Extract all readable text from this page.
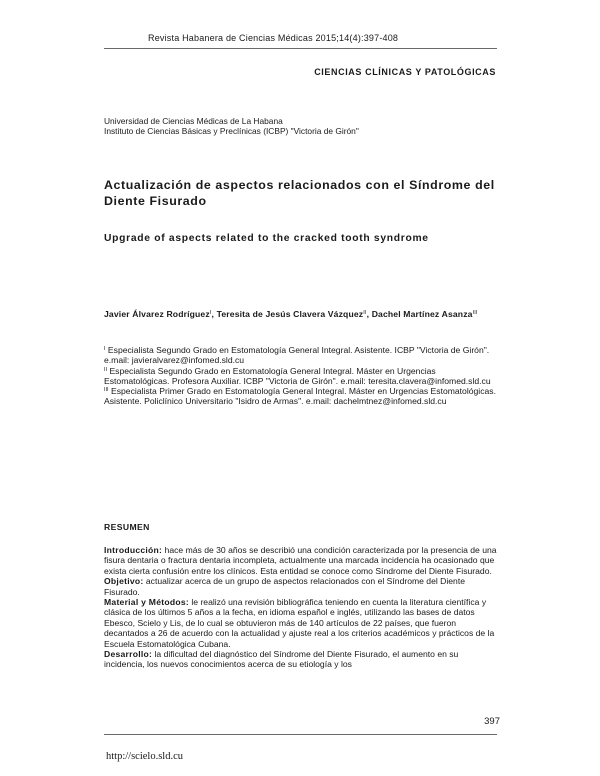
Revista Habanera de Ciencias Médicas 2015;14(4):397-408
CIENCIAS CLÍNICAS Y PATOLÓGICAS
Universidad de Ciencias Médicas de La Habana
Instituto de Ciencias Básicas y Preclínicas (ICBP) "Victoria de Girón"
Actualización de aspectos relacionados con el Síndrome del Diente Fisurado
Upgrade of aspects related to the cracked tooth syndrome
Javier Álvarez Rodríguez$^I$, Teresita de Jesús Clavera Vázquez$^{II}$, Dachel Martínez Asanza$^{III}$
$^I$ Especialista Segundo Grado en Estomatología General Integral. Asistente. ICBP "Victoria de Girón". e.mail: javieralvarez@infomed.sld.cu
$^{II}$ Especialista Segundo Grado en Estomatología General Integral. Máster en Urgencias Estomatológicas. Profesora Auxiliar. ICBP "Victoria de Girón". e.mail: teresita.clavera@infomed.sld.cu
$^{III}$ Especialista Primer Grado en Estomatología General Integral. Máster en Urgencias Estomatológicas. Asistente. Policlínico Universitario "Isidro de Armas". e.mail: dachelmtnez@infomed.sld.cu
RESUMEN
Introducción: hace más de 30 años se describió una condición caracterizada por la presencia de una fisura dentaria o fractura dentaria incompleta, actualmente una marcada incidencia ha ocasionado que exista cierta confusión entre los clínicos. Esta entidad se conoce como Síndrome del Diente Fisurado.
Objetivo: actualizar acerca de un grupo de aspectos relacionados con el Síndrome del Diente Fisurado.
Material y Métodos: le realizó una revisión bibliográfica teniendo en cuenta la literatura científica y clásica de los últimos 5 años a la fecha, en idioma español e inglés, utilizando las bases de datos Ebesco, Scielo y Lis, de lo cual se obtuvieron más de 140 artículos de 22 países, que fueron decantados a 26 de acuerdo con la actualidad y ajuste real a los criterios académicos y prácticos de la Escuela Estomatológica Cubana.
Desarrollo: la dificultad del diagnóstico del Síndrome del Diente Fisurado, el aumento en su incidencia, los nuevos conocimientos acerca de su etiología y los
397
http://scielo.sld.cu
